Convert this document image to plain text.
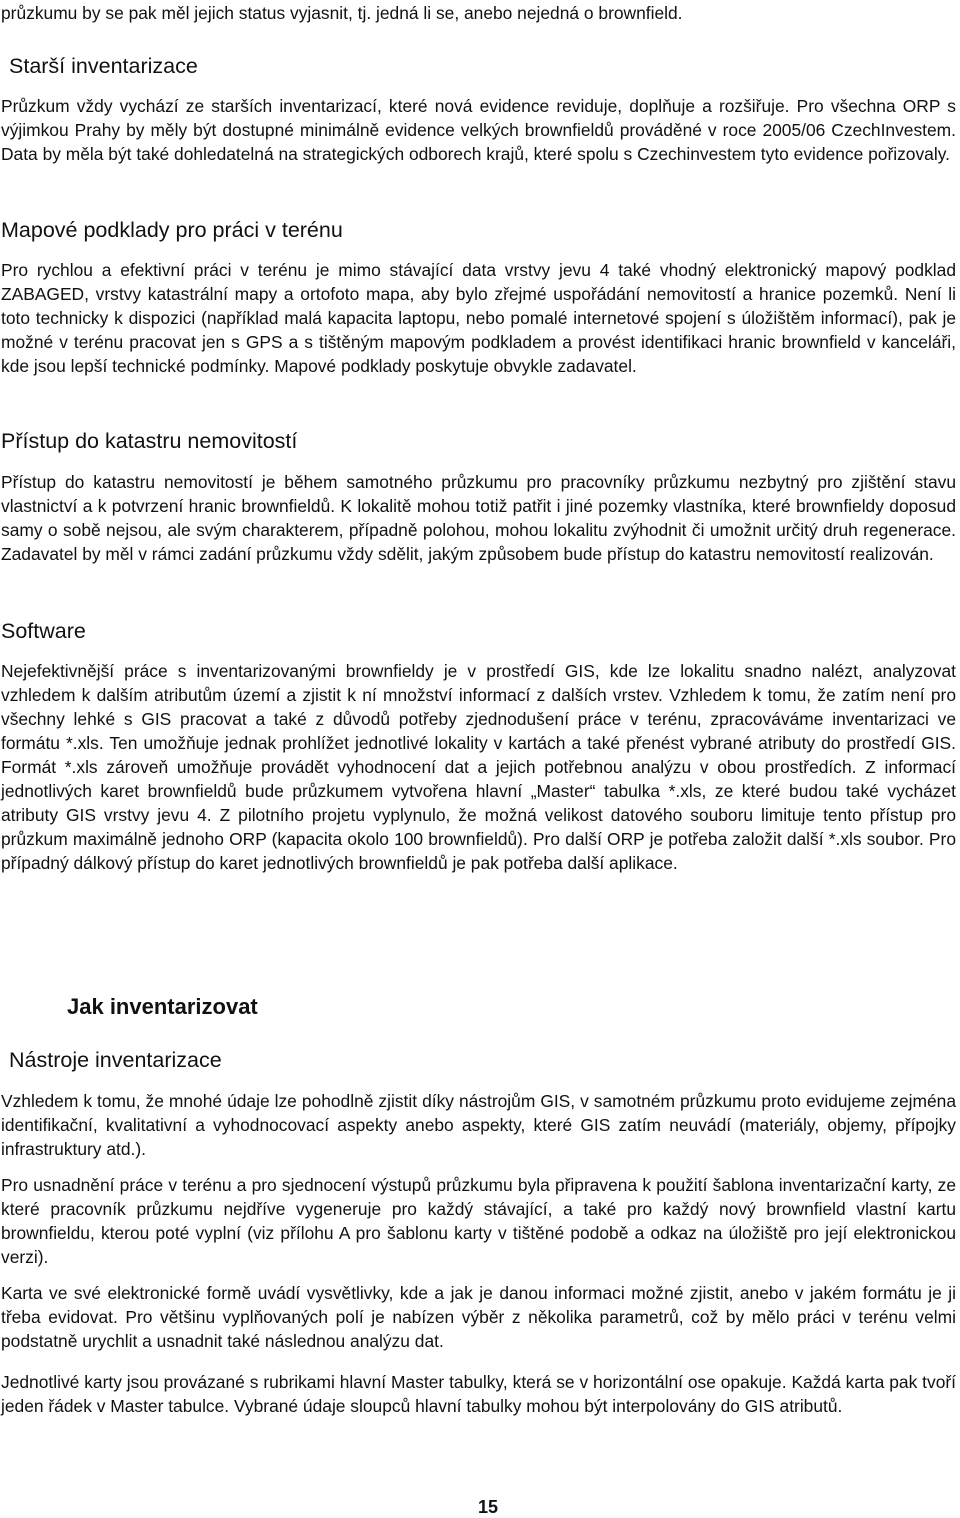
průzkumu by se pak měl jejich status vyjasnit, tj. jedná li se, anebo nejedná o brownfield.

Starší inventarizace

Průzkum vždy vychází ze starších inventarizací, které nová evidence reviduje, doplňuje a rozšiřuje. Pro všechna ORP s výjimkou Prahy by měly být dostupné minimálně evidence velkých brownfieldů prováděné v roce 2005/06 CzechInvestem. Data by měla být také dohledatelná na strategických odborech krajů, které spolu s Czechinvestem tyto evidence pořizovaly.

Mapové podklady pro práci v terénu

Pro rychlou a efektivní práci v terénu je mimo stávající data vrstvy jevu 4 také vhodný elektronický mapový podklad ZABAGED, vrstvy katastrální mapy a ortofoto mapa, aby bylo zřejmé uspořádání nemovitostí a hranice pozemků. Není li toto technicky k dispozici (například malá kapacita laptopu, nebo pomalé internetové spojení s úložištěm informací), pak je možné v terénu pracovat jen s GPS a s tištěným mapovým podkladem a provést identifikaci hranic brownfield v kanceláři, kde jsou lepší technické podmínky. Mapové podklady poskytuje obvykle zadavatel.

Přístup do katastru nemovitostí

Přístup do katastru nemovitostí je během samotného průzkumu pro pracovníky průzkumu nezbytný pro zjištění stavu vlastnictví a k potvrzení hranic brownfieldů. K lokalitě mohou totiž patřit i jiné pozemky vlastníka, které brownfieldy doposud samy o sobě nejsou, ale svým charakterem, případně polohou, mohou lokalitu zvýhodnit či umožnit určitý druh regenerace. Zadavatel by měl v rámci zadání průzkumu vždy sdělit, jakým způsobem bude přístup do katastru nemovitostí realizován.

Software

Nejefektivnější práce s inventarizovanými brownfieldy je v prostředí GIS, kde lze lokalitu snadno nalézt, analyzovat vzhledem k dalším atributům území a zjistit k ní množství informací z dalších vrstev. Vzhledem k tomu, že zatím není pro všechny lehké s GIS pracovat a také z důvodů potřeby zjednodušení práce v terénu, zpracováváme inventarizaci ve formátu *.xls. Ten umožňuje jednak prohlížet jednotlivé lokality v kartách a také přenést vybrané atributy do prostředí GIS. Formát *.xls zároveň umožňuje provádět vyhodnocení dat a jejich potřebnou analýzu v obou prostředích. Z informací jednotlivých karet brownfieldů bude průzkumem vytvořena hlavní „Master“ tabulka *.xls, ze které budou také vycházet atributy GIS vrstvy jevu 4. Z pilotního projetu vyplynulo, že možná velikost datového souboru limituje tento přístup pro průzkum maximálně jednoho ORP (kapacita okolo 100 brownfieldů). Pro další ORP je potřeba založit další *.xls soubor. Pro případný dálkový přístup do karet jednotlivých brownfieldů je pak potřeba další aplikace.

Jak inventarizovat
Nástroje inventarizace

Vzhledem k tomu, že mnohé údaje lze pohodlně zjistit díky nástrojům GIS, v samotném průzkumu proto evidujeme zejména identifikační, kvalitativní a vyhodnocovací aspekty anebo aspekty, které GIS zatím neuvádí (materiály, objemy, přípojky infrastruktury atd.).

Pro usnadnění práce v terénu a pro sjednocení výstupů průzkumu byla připravena k použití šablona inventarizační karty, ze které pracovník průzkumu nejdříve vygeneruje pro každý stávající, a také pro každý nový brownfield vlastní kartu brownfieldu, kterou poté vyplní (viz přílohu A pro šablonu karty v tištěné podobě a odkaz na úložiště pro její elektronickou verzi).

Karta ve své elektronické formě uvádí vysvětlivky, kde a jak je danou informaci možné zjistit, anebo v jakém formátu je ji třeba evidovat. Pro většinu vyplňovaných polí je nabízen výběr z několika parametrů, což by mělo práci v terénu velmi podstatně urychlit a usnadnit také následnou analýzu dat.

Jednotlivé karty jsou provázané s rubrikami hlavní Master tabulky, která se v horizontální ose opakuje. Každá karta pak tvoří jeden řádek v Master tabulce. Vybrané údaje sloupců hlavní tabulky mohou být interpolovány do GIS atributů.

15
